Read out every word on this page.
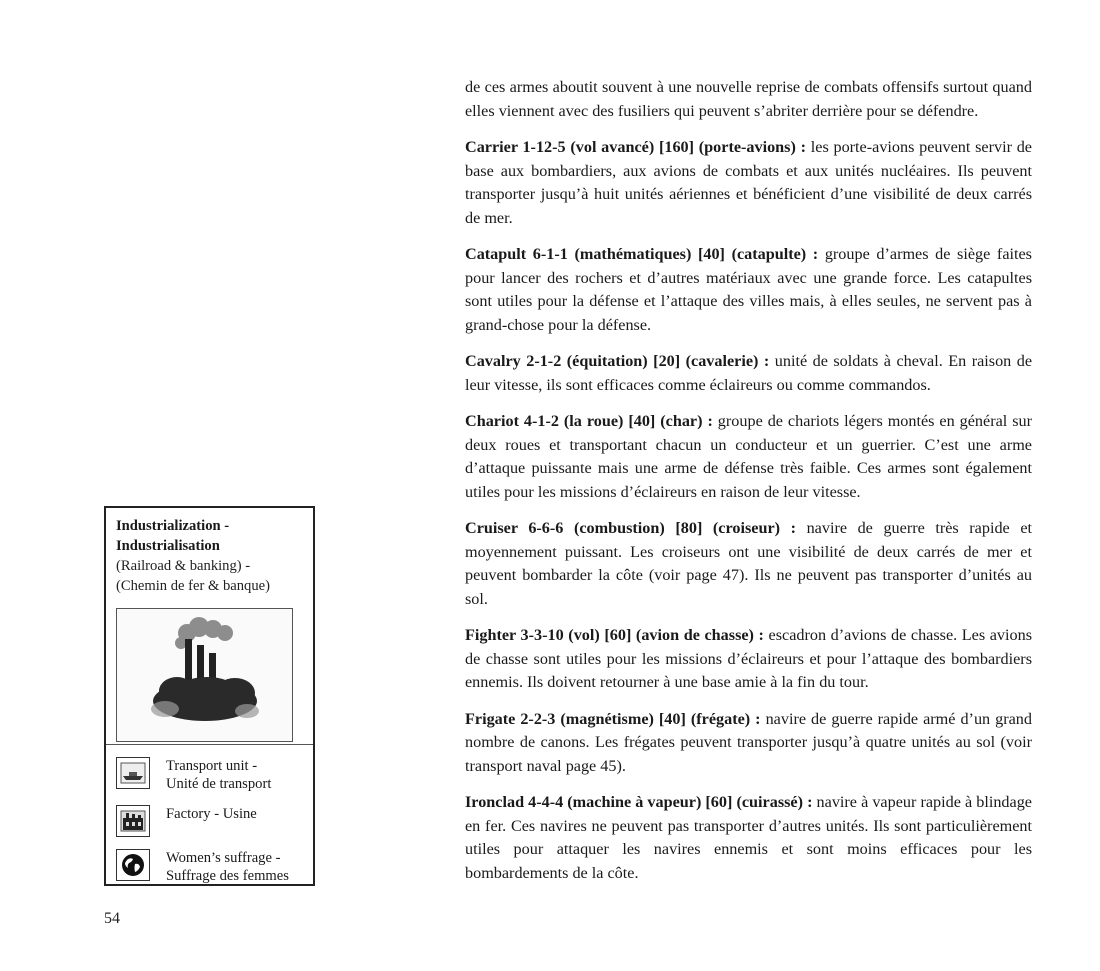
de ces armes aboutit souvent à une nouvelle reprise de combats offensifs surtout quand elles viennent avec des fusiliers qui peuvent s’abriter derrière pour se défendre.

Carrier 1-12-5 (vol avancé) [160] (porte-avions) : les porte-avions peuvent servir de base aux bombardiers, aux avions de combats et aux unités nucléaires. Ils peuvent transporter jusqu’à huit unités aériennes et bénéficient d’une visibilité de deux carrés de mer.

Catapult 6-1-1 (mathématiques) [40] (catapulte) : groupe d’armes de siège faites pour lancer des rochers et d’autres matériaux avec une grande force. Les catapultes sont utiles pour la défense et l’attaque des villes mais, à elles seules, ne servent pas à grand-chose pour la défense.

Cavalry 2-1-2 (équitation) [20] (cavalerie) : unité de soldats à cheval. En raison de leur vitesse, ils sont efficaces comme éclaireurs ou comme commandos.

Chariot 4-1-2 (la roue) [40] (char) : groupe de chariots légers montés en général sur deux roues et transportant chacun un conducteur et un guerrier. C’est une arme d’attaque puissante mais une arme de défense très faible. Ces armes sont également utiles pour les missions d’éclaireurs en raison de leur vitesse.

Cruiser 6-6-6 (combustion) [80] (croiseur) : navire de guerre très rapide et moyennement puissant. Les croiseurs ont une visibilité de deux carrés de mer et peuvent bombarder la côte (voir page 47). Ils ne peuvent pas transporter d’unités au sol.

Fighter 3-3-10 (vol) [60] (avion de chasse) : escadron d’avions de chasse. Les avions de chasse sont utiles pour les missions d’éclaireurs et pour l’attaque des bombardiers ennemis. Ils doivent retourner à une base amie à la fin du tour.

Frigate 2-2-3 (magnétisme) [40] (frégate) : navire de guerre rapide armé d’un grand nombre de canons. Les frégates peuvent transporter jusqu’à quatre unités au sol (voir transport naval page 45).

Ironclad 4-4-4 (machine à vapeur) [60] (cuirassé) : navire à vapeur rapide à blindage en fer. Ces navires ne peuvent pas transporter d’autres unités. Ils sont particulièrement utiles pour attaquer les navires ennemis et sont moins efficaces pour les bombardements de la côte.

Industrialization -
Industrialisation
(Railroad & banking) -
(Chemin de fer & banque)
Transport unit -
Unité de transport
Factory - Usine
Women’s suffrage -
Suffrage des femmes
54
